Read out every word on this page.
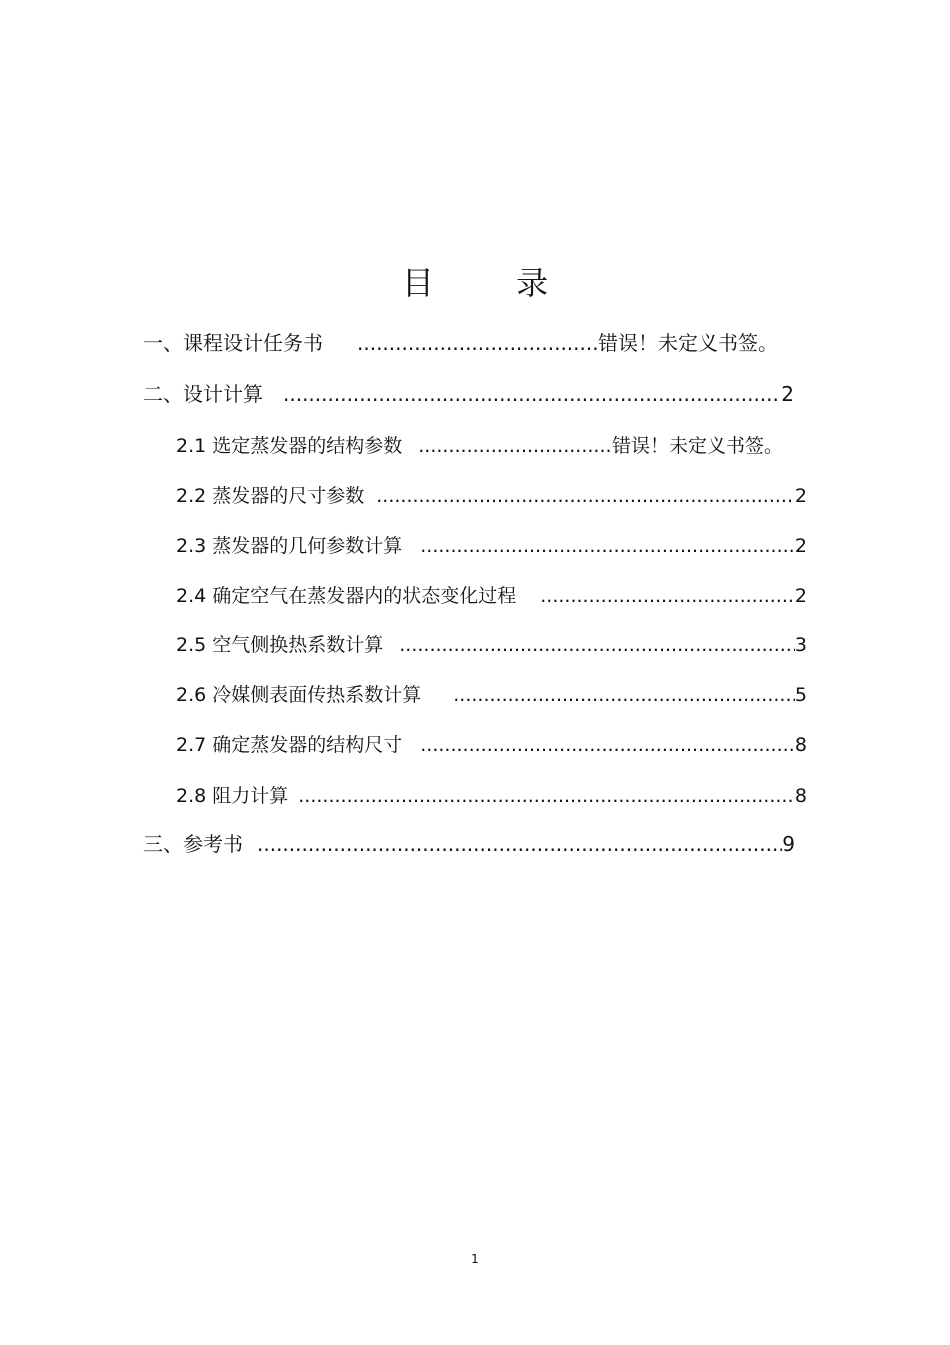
目 录
一、课程设计任务书 .....	错误！未定义书签。
二、设计计算 .....	2
2.1 选定蒸发器的结构参数 .....	错误！未定义书签。
2.2 蒸发器的尺寸参数 .....	2
2.3 蒸发器的几何参数计算 .....	2
2.4 确定空气在蒸发器内的状态变化过程 .....	2
2.5 空气侧换热系数计算 .....	3
2.6 冷媒侧表面传热系数计算 .....	5
2.7 确定蒸发器的结构尺寸 .....	8
2.8 阻力计算 .....	8
三、参考书 .....	9
1
